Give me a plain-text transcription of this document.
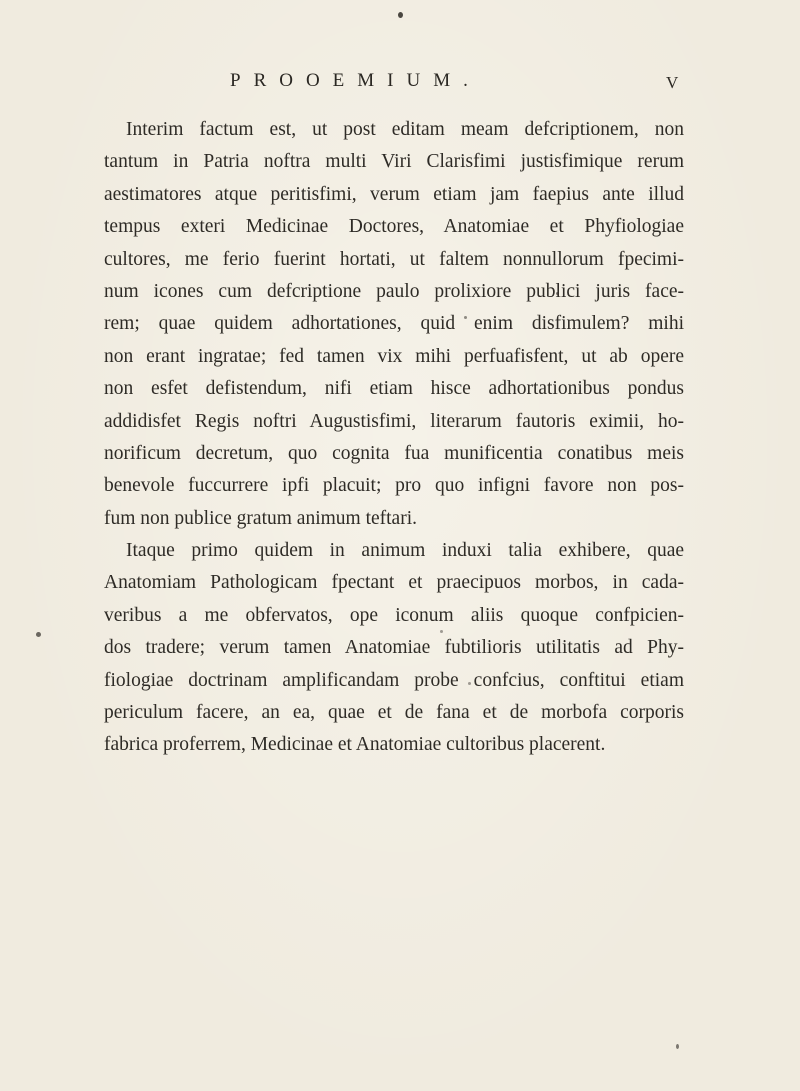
PROOEMIUM.	V
Interim factum est, ut post editam meam defcriptionem, non
tantum in Patria noftra multi Viri Clarisfimi justisfimique rerum
aestimatores atque peritisfimi, verum etiam jam faepius ante illud
tempus exteri Medicinae Doctores, Anatomiae et Phyfiologiae
cultores, me ferio fuerint hortati, ut faltem nonnullorum fpecimi-
num icones cum defcriptione paulo prolixiore publici juris face-
rem; quae quidem adhortationes, quid enim disfimulem? mihi
non erant ingratae; fed tamen vix mihi perfuafisfent, ut ab opere
non esfet defistendum, nifi etiam hisce adhortationibus pondus
addidisfet Regis noftri Augustisfimi, literarum fautoris eximii, ho-
norificum decretum, quo cognita fua munificentia conatibus meis
benevole fuccurrere ipfi placuit; pro quo infigni favore non pos-
fum non publice gratum animum teftari.
Itaque primo quidem in animum induxi talia exhibere, quae
Anatomiam Pathologicam fpectant et praecipuos morbos, in cada-
veribus a me obfervatos, ope iconum aliis quoque confpicien-
dos tradere; verum tamen Anatomiae fubtilioris utilitatis ad Phy-
fiologiae doctrinam amplificandam probe confcius, conftitui etiam
periculum facere, an ea, quae et de fana et de morbofa corporis
fabrica proferrem, Medicinae et Anatomiae cultoribus placerent.
